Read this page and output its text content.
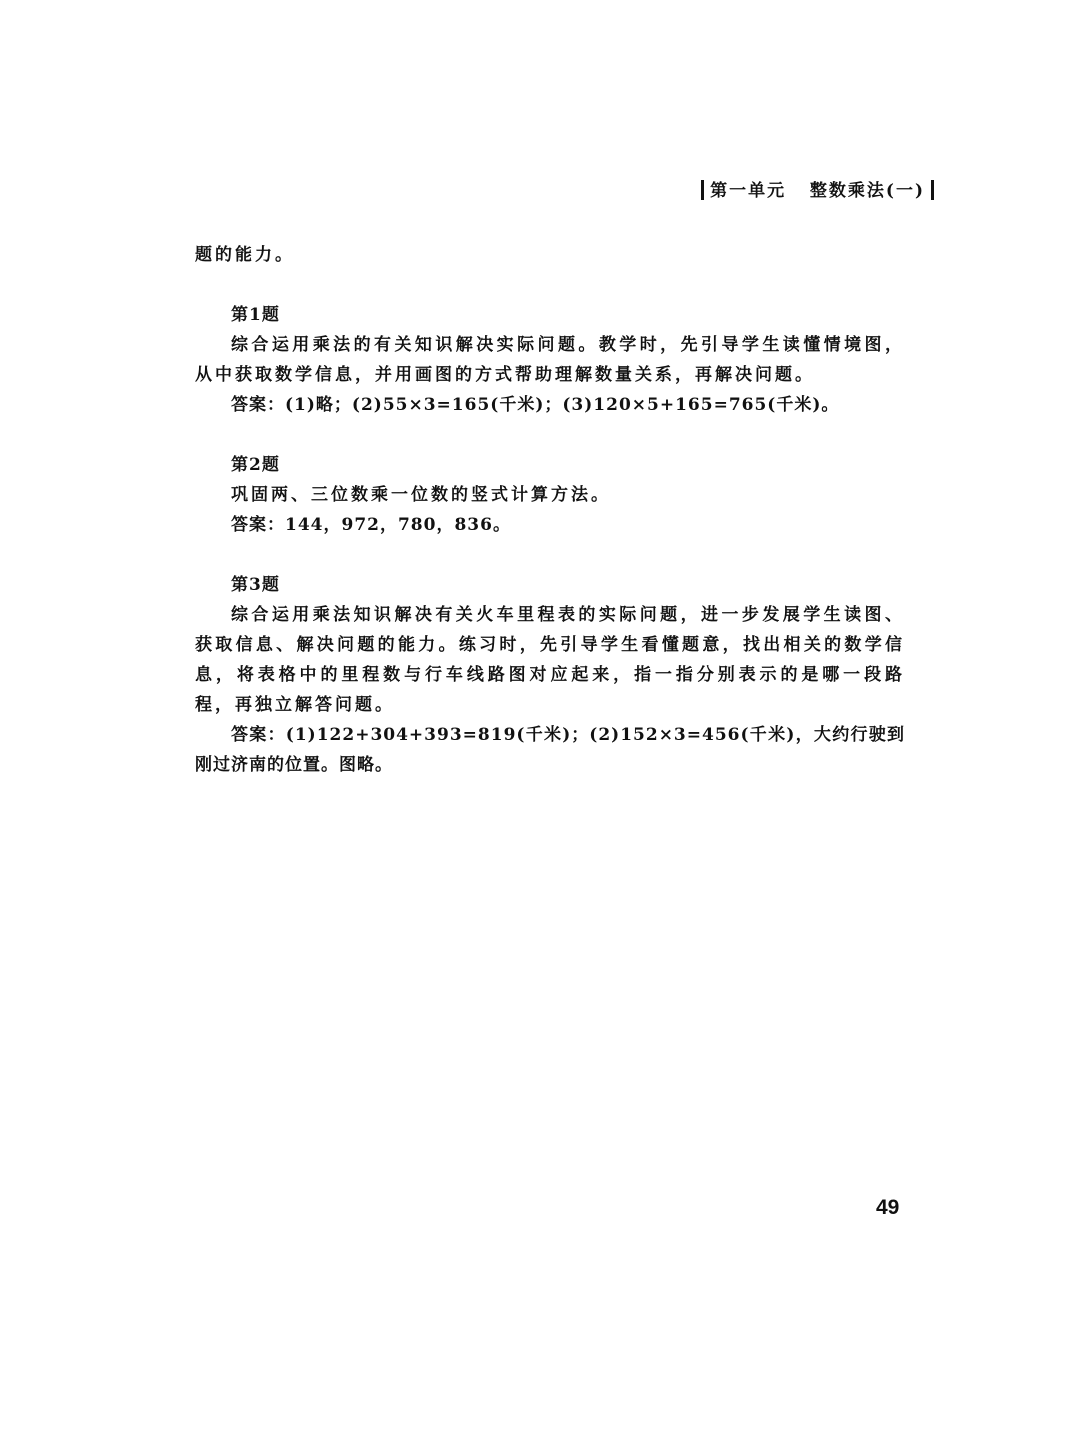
第一单元 整数乘法(一)

题的能力。

第1题

综合运用乘法的有关知识解决实际问题。教学时，先引导学生读懂情境图，从中获取数学信息，并用画图的方式帮助理解数量关系，再解决问题。

答案：(1)略；(2)55×3=165(千米)；(3)120×5+165=765(千米)。

第2题

巩固两、三位数乘一位数的竖式计算方法。

答案：144，972，780，836。

第3题

综合运用乘法知识解决有关火车里程表的实际问题，进一步发展学生读图、获取信息、解决问题的能力。练习时，先引导学生看懂题意，找出相关的数学信息，将表格中的里程数与行车线路图对应起来，指一指分别表示的是哪一段路程，再独立解答问题。

答案：(1)122+304+393=819(千米)；(2)152×3=456(千米)，大约行驶到刚过济南的位置。图略。

49
